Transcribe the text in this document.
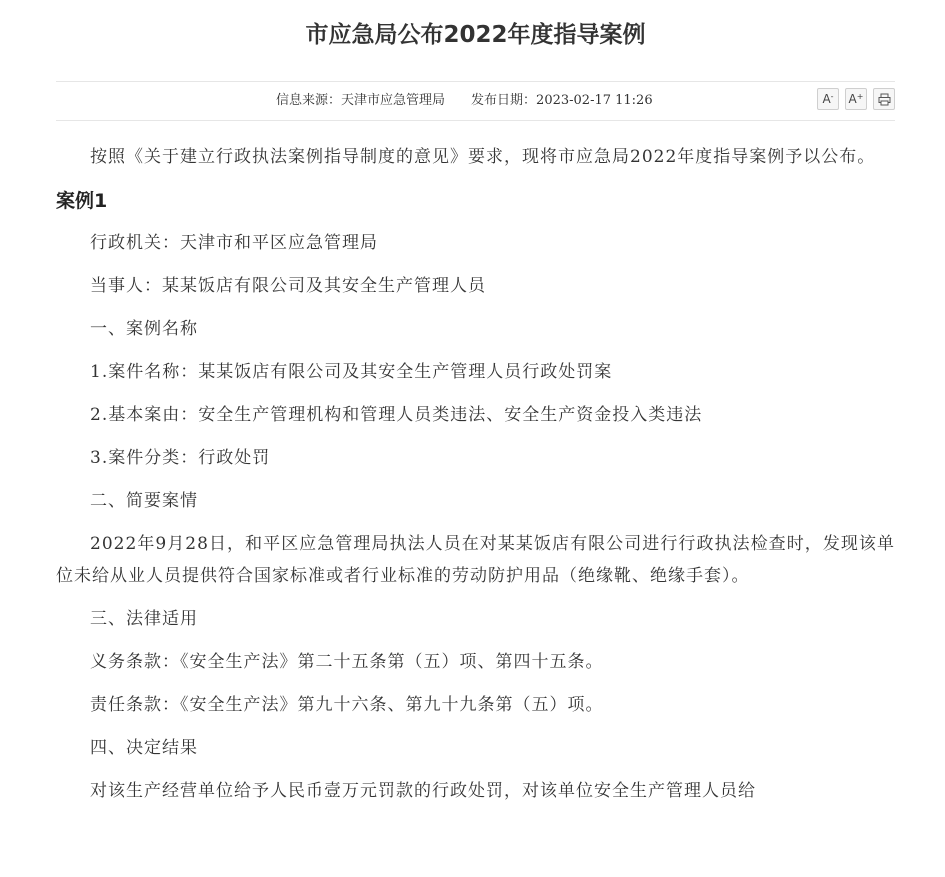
市应急局公布2022年度指导案例
信息来源：天津市应急管理局 发布日期：2023-02-17 11:26	A- A+

按照《关于建立行政执法案例指导制度的意见》要求，现将市应急局2022年度指导案例予以公布。

案例1

行政机关：天津市和平区应急管理局

当事人：某某饭店有限公司及其安全生产管理人员

一、案例名称

1.案件名称：某某饭店有限公司及其安全生产管理人员行政处罚案

2.基本案由：安全生产管理机构和管理人员类违法、安全生产资金投入类违法

3.案件分类：行政处罚

二、简要案情

2022年9月28日，和平区应急管理局执法人员在对某某饭店有限公司进行行政执法检查时，发现该单位未给从业人员提供符合国家标准或者行业标准的劳动防护用品（绝缘靴、绝缘手套）。

三、法律适用

义务条款：《安全生产法》第二十五条第（五）项、第四十五条。

责任条款：《安全生产法》第九十六条、第九十九条第（五）项。

四、决定结果

对该生产经营单位给予人民币壹万元罚款的行政处罚，对该单位安全生产管理人员给
